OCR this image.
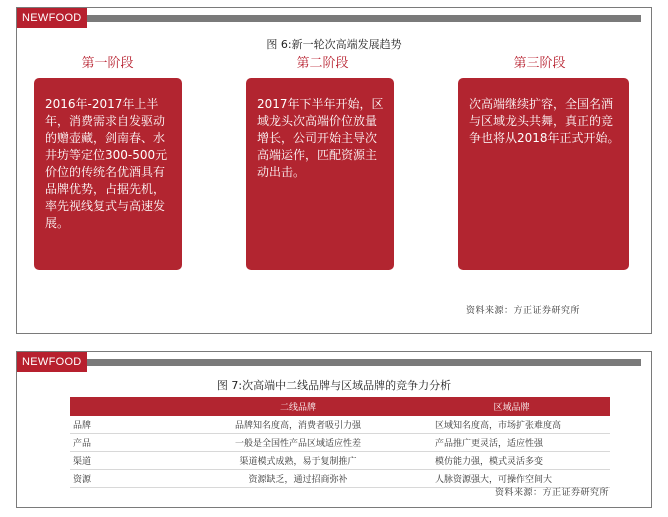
NEWFOOD
图 6:新一轮次高端发展趋势
第一阶段	第二阶段	第三阶段
2016年-2017年上半年，消费需求自发驱动的赠壶藏，剑南春、水井坊等定位300-500元价位的传统名优酒具有品牌优势，占据先机，率先视线复式与高速发展。
2017年下半年开始，区域龙头次高端价位放量增长，公司开始主导次高端运作，匹配资源主动出击。
次高端继续扩容，全国名酒与区域龙头共舞，真正的竞争也将从2018年正式开始。
资料来源：方正证券研究所
NEWFOOD
图 7:次高端中二线品牌与区域品牌的竞争力分析
	二线品牌	区域品牌
品牌	品牌知名度高，消费者吸引力强	区域知名度高，市场扩张难度高
产品	一般是全国性产品区域适应性差	产品推广更灵活，适应性强
渠道	渠道模式成熟，易于复制推广	模仿能力强，模式灵活多变
资源	资源缺乏，通过招商弥补	人脉资源强大，可操作空间大
资料来源：方正证券研究所
